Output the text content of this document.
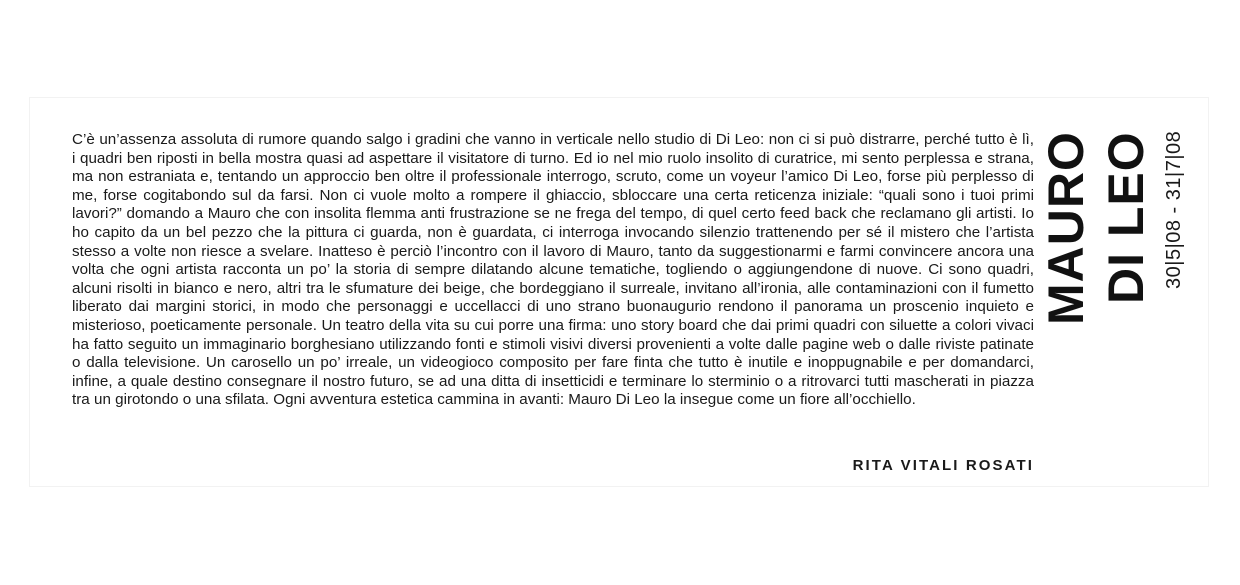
C’è un’assenza assoluta di rumore quando salgo i gradini che vanno in verticale nello studio di Di Leo: non ci si può distrarre, perché tutto è lì, i quadri ben riposti in bella mostra quasi ad aspettare il visitatore di turno. Ed io nel mio ruolo insolito di curatrice, mi sento perplessa e strana, ma non estraniata e, tentando un approccio ben oltre il professionale interrogo, scruto, come un voyeur l’amico Di Leo, forse più perplesso di me, forse cogitabondo sul da farsi. Non ci vuole molto a rompere il ghiaccio, sbloccare una certa reticenza iniziale: “quali sono i tuoi primi lavori?” domando a Mauro che con insolita flemma anti frustrazione se ne frega del tempo, di quel certo feed back che reclamano gli artisti. Io ho capito da un bel pezzo che la pittura ci guarda, non è guardata, ci interroga invocando silenzio trattenendo per sé il mistero che l’artista stesso a volte non riesce a svelare. Inatteso è perciò l’incontro con il lavoro di Mauro, tanto da suggestionarmi e farmi convincere ancora una volta che ogni artista racconta un po’ la storia di sempre dilatando alcune tematiche, togliendo o aggiungendone di nuove. Ci sono quadri, alcuni risolti in bianco e nero, altri tra le sfumature dei beige, che bordeggiano il surreale, invitano all’ironia, alle contaminazioni con il fumetto liberato dai margini storici, in modo che personaggi e uccellacci di uno strano buonaugurio rendono il panorama un proscenio inquieto e misterioso, poeticamente personale. Un teatro della vita su cui porre una firma: uno story board che dai primi quadri con siluette a colori vivaci ha fatto seguito un immaginario borghesiano utilizzando fonti e stimoli visivi diversi provenienti a volte dalle pagine web o dalle riviste patinate o dalla televisione. Un carosello un po’ irreale, un videogioco composito per fare finta che tutto è inutile e inoppugnabile e per domandarci, infine, a quale destino consegnare il nostro futuro, se ad una ditta di insetticidi e terminare lo sterminio o a ritrovarci tutti mascherati in piazza tra un girotondo o una sfilata. Ogni avventura estetica cammina in avanti: Mauro Di Leo la insegue come un fiore all’occhiello.

RITA VITALI ROSATI

MAURO DI LEO 30|5|08 - 31|7|08
